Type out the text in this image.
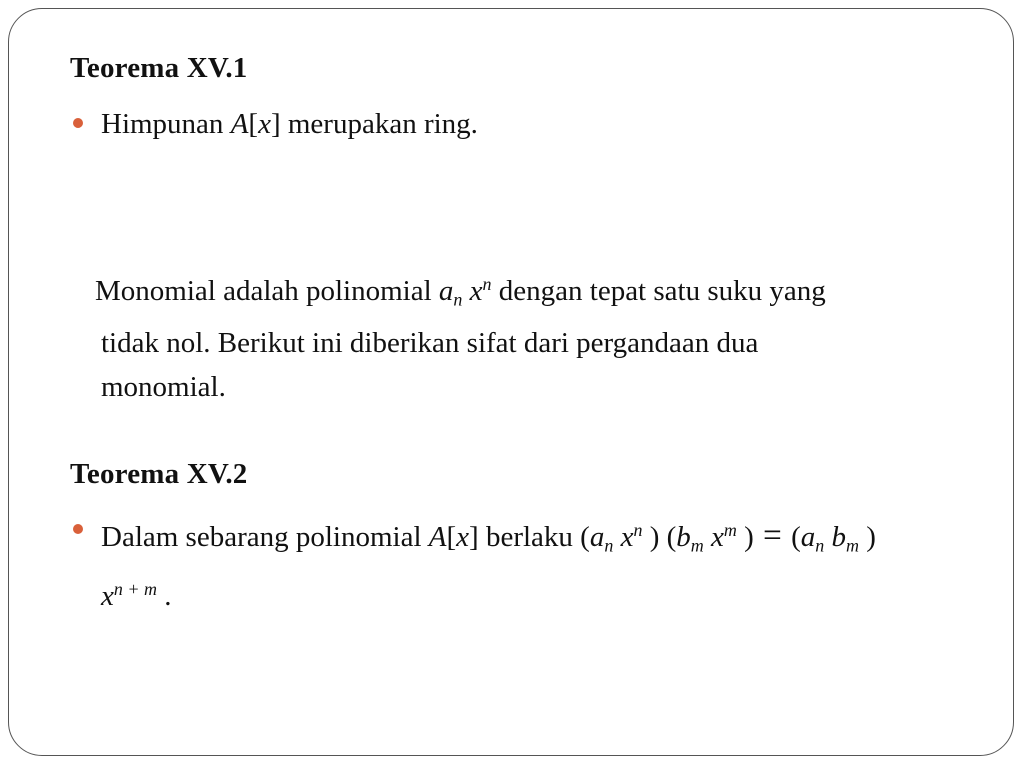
Teorema XV.1
Himpunan A[x] merupakan ring.
Monomial adalah polinomial $a_n$ $x^n$ dengan tepat satu suku yang
tidak nol. Berikut ini diberikan sifat dari pergandaan dua
monomial.
Teorema XV.2
Dalam sebarang polinomial A[x] berlaku ($a_n$ $x^n$ ) ($b_m$ $x^m$ ) = ($a_n$ $b_m$ )
$x^{n + m}$ .
